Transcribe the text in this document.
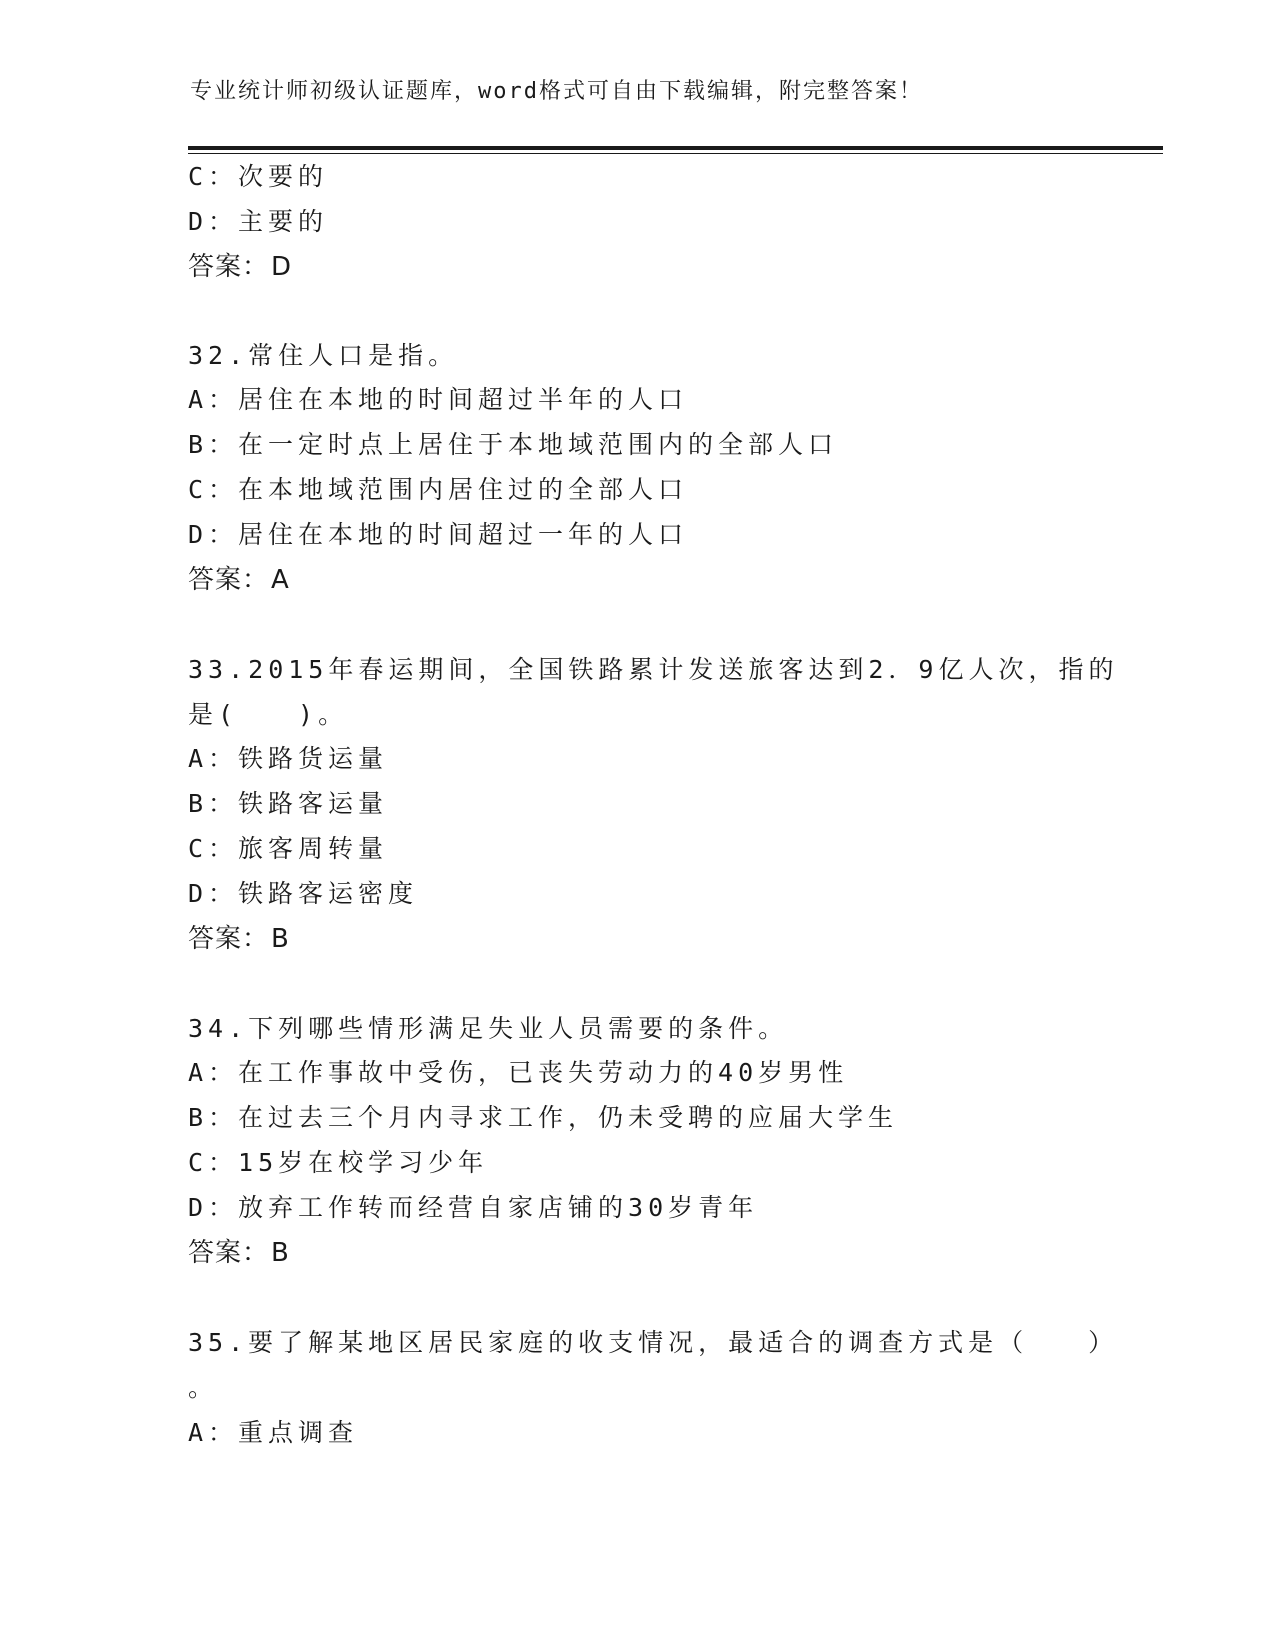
专业统计师初级认证题库，word格式可自由下载编辑，附完整答案！
C：次要的
D：主要的
答案：D
32.常住人口是指。
A：居住在本地的时间超过半年的人口
B：在一定时点上居住于本地域范围内的全部人口
C：在本地域范围内居住过的全部人口
D：居住在本地的时间超过一年的人口
答案：A
33.2015年春运期间，全国铁路累计发送旅客达到2．9亿人次，指的
是(　　)。
A：铁路货运量
B：铁路客运量
C：旅客周转量
D：铁路客运密度
答案：B
34.下列哪些情形满足失业人员需要的条件。
A：在工作事故中受伤，已丧失劳动力的40岁男性
B：在过去三个月内寻求工作，仍未受聘的应届大学生
C：15岁在校学习少年
D：放弃工作转而经营自家店铺的30岁青年
答案：B
35.要了解某地区居民家庭的收支情况，最适合的调查方式是（　　）
。
A：重点调查
